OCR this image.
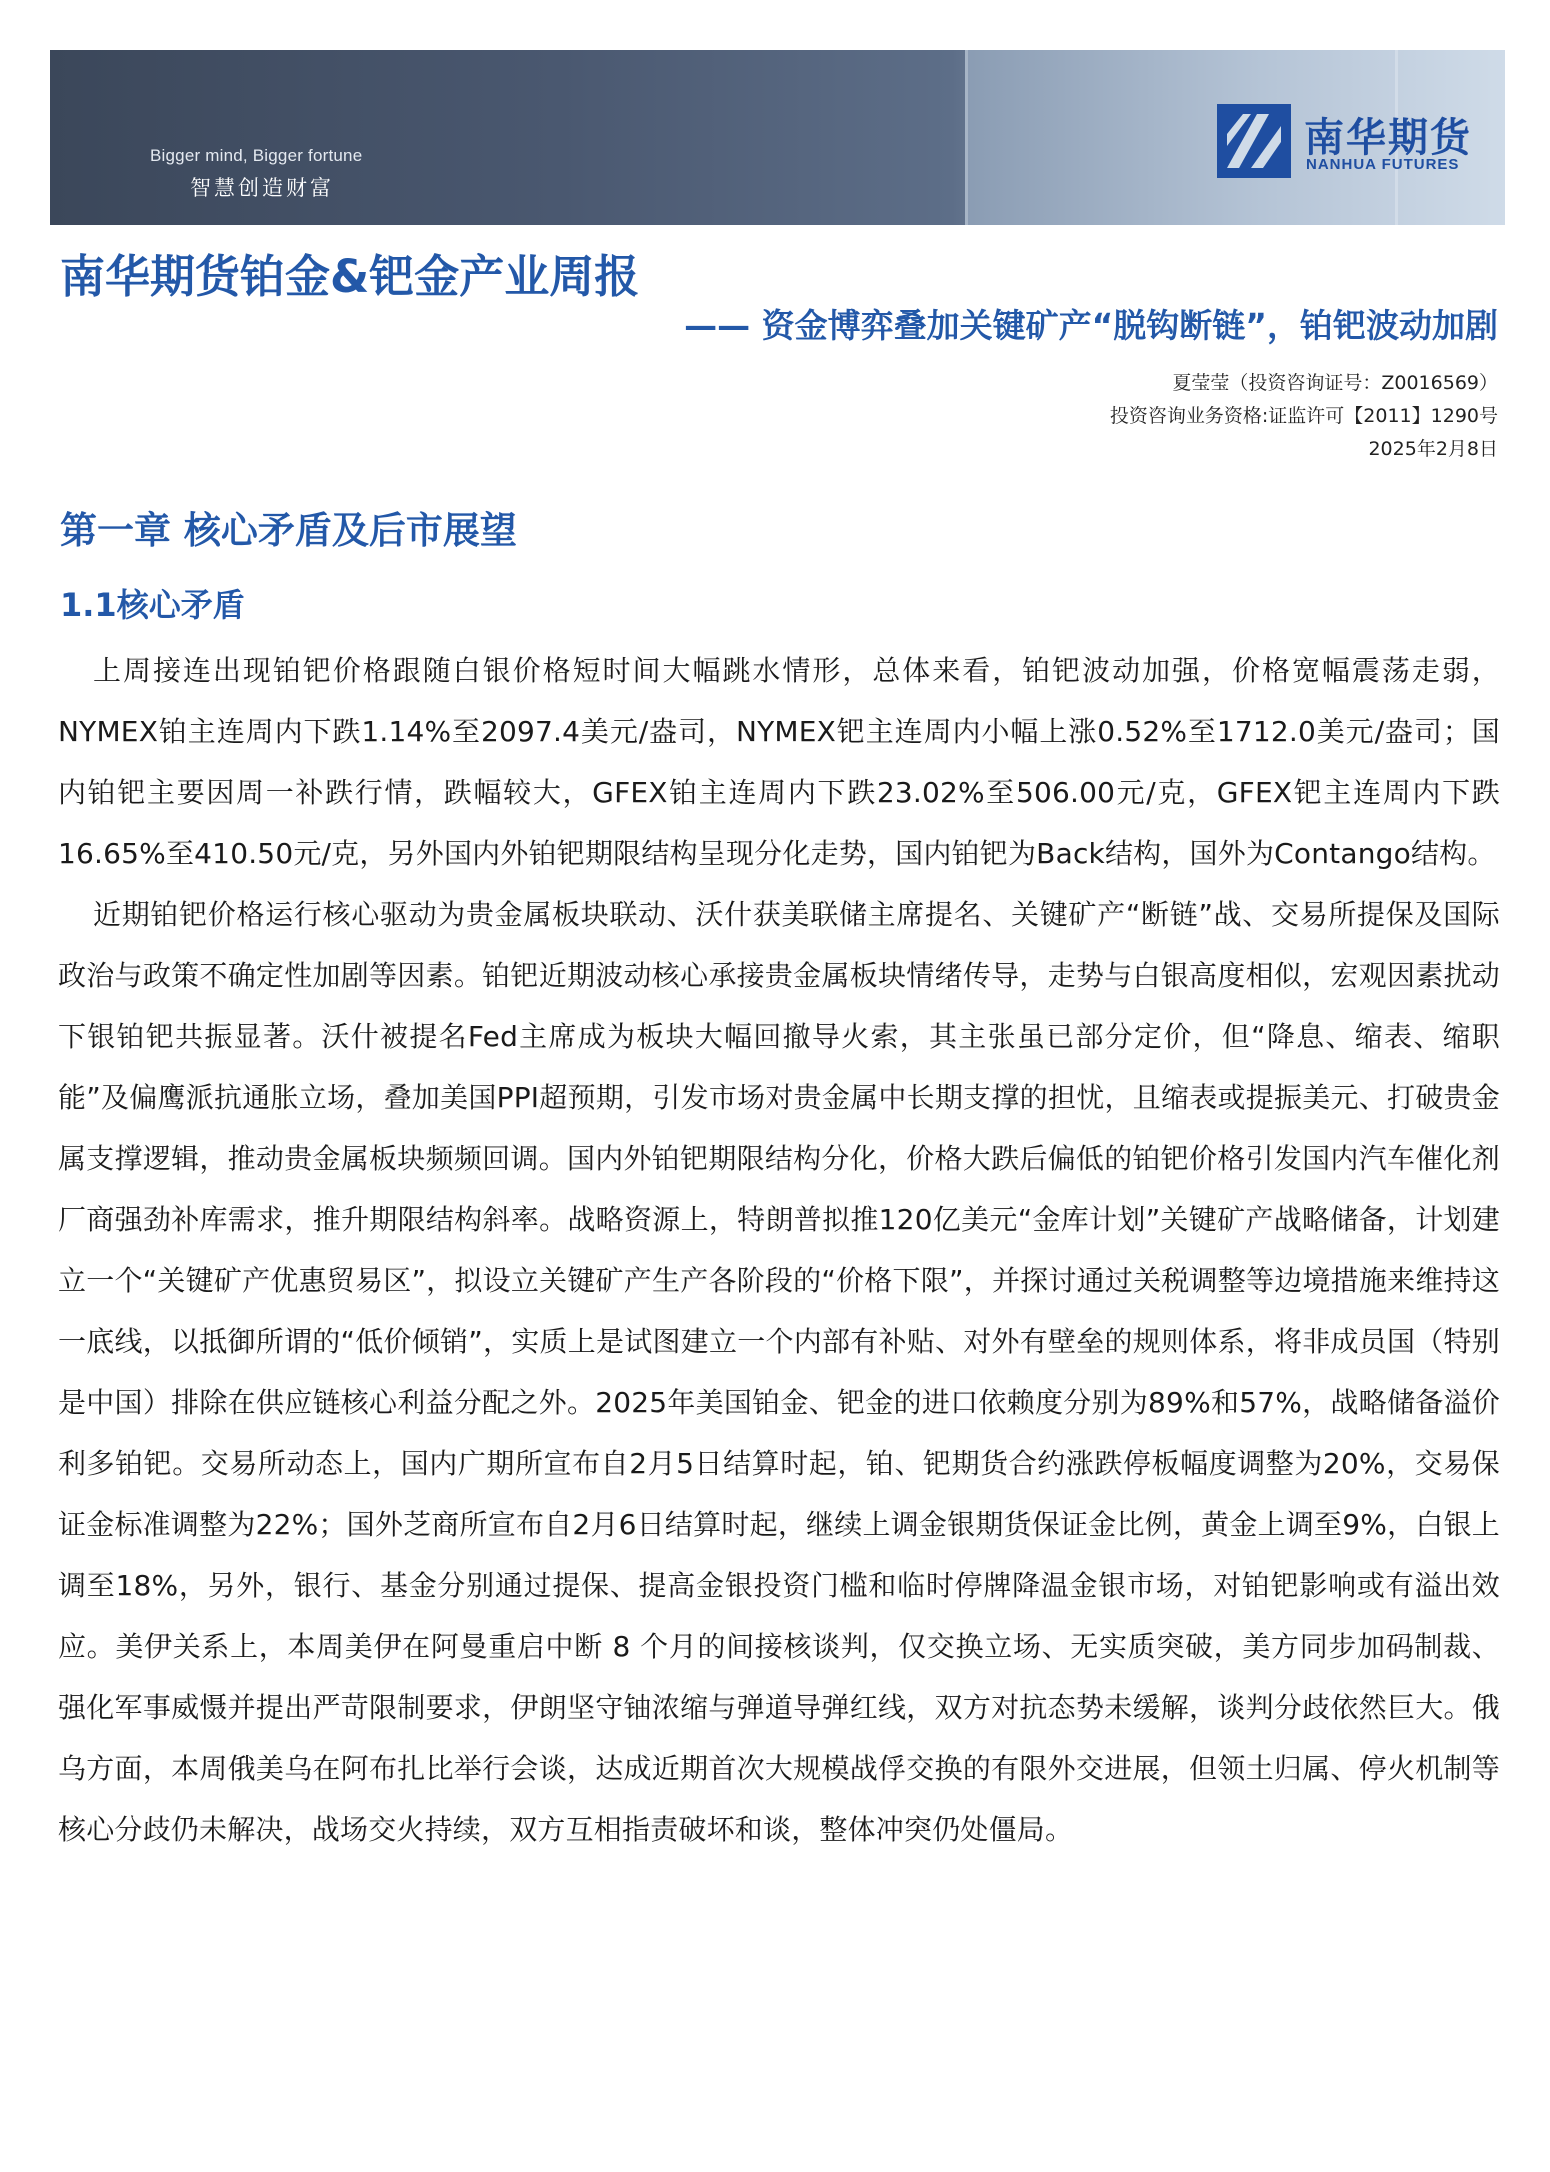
Bigger mind, Bigger fortune
智慧创造财富
南华期货
NANHUA FUTURES
南华期货铂金&钯金产业周报
—— 资金博弈叠加关键矿产“脱钩断链”，铂钯波动加剧
夏莹莹（投资咨询证号：Z0016569）
投资咨询业务资格:证监许可【2011】1290号
2025年2月8日
第一章 核心矛盾及后市展望
1.1核心矛盾

上周接连出现铂钯价格跟随白银价格短时间大幅跳水情形，总体来看，铂钯波动加强，价格宽幅震荡走弱，NYMEX铂主连周内下跌1.14%至2097.4美元/盎司，NYMEX钯主连周内小幅上涨0.52%至1712.0美元/盎司；国内铂钯主要因周一补跌行情，跌幅较大，GFEX铂主连周内下跌23.02%至506.00元/克，GFEX钯主连周内下跌16.65%至410.50元/克，另外国内外铂钯期限结构呈现分化走势，国内铂钯为Back结构，国外为Contango结构。

近期铂钯价格运行核心驱动为贵金属板块联动、沃什获美联储主席提名、关键矿产“断链”战、交易所提保及国际政治与政策不确定性加剧等因素。铂钯近期波动核心承接贵金属板块情绪传导，走势与白银高度相似，宏观因素扰动下银铂钯共振显著。沃什被提名Fed主席成为板块大幅回撤导火索，其主张虽已部分定价，但“降息、缩表、缩职能”及偏鹰派抗通胀立场，叠加美国PPI超预期，引发市场对贵金属中长期支撑的担忧，且缩表或提振美元、打破贵金属支撑逻辑，推动贵金属板块频频回调。国内外铂钯期限结构分化，价格大跌后偏低的铂钯价格引发国内汽车催化剂厂商强劲补库需求，推升期限结构斜率。战略资源上，特朗普拟推120亿美元“金库计划”关键矿产战略储备，计划建立一个“关键矿产优惠贸易区”，拟设立关键矿产生产各阶段的“价格下限”，并探讨通过关税调整等边境措施来维持这一底线，以抵御所谓的“低价倾销”，实质上是试图建立一个内部有补贴、对外有壁垒的规则体系，将非成员国（特别是中国）排除在供应链核心利益分配之外。2025年美国铂金、钯金的进口依赖度分别为89%和57%，战略储备溢价利多铂钯。交易所动态上，国内广期所宣布自2月5日结算时起，铂、钯期货合约涨跌停板幅度调整为20%，交易保证金标准调整为22%；国外芝商所宣布自2月6日结算时起，继续上调金银期货保证金比例，黄金上调至9%，白银上调至18%，另外，银行、基金分别通过提保、提高金银投资门槛和临时停牌降温金银市场，对铂钯影响或有溢出效应。美伊关系上，本周美伊在阿曼重启中断 8 个月的间接核谈判，仅交换立场、无实质突破，美方同步加码制裁、强化军事威慑并提出严苛限制要求，伊朗坚守铀浓缩与弹道导弹红线，双方对抗态势未缓解，谈判分歧依然巨大。俄乌方面，本周俄美乌在阿布扎比举行会谈，达成近期首次大规模战俘交换的有限外交进展，但领土归属、停火机制等核心分歧仍未解决，战场交火持续，双方互相指责破坏和谈，整体冲突仍处僵局。
